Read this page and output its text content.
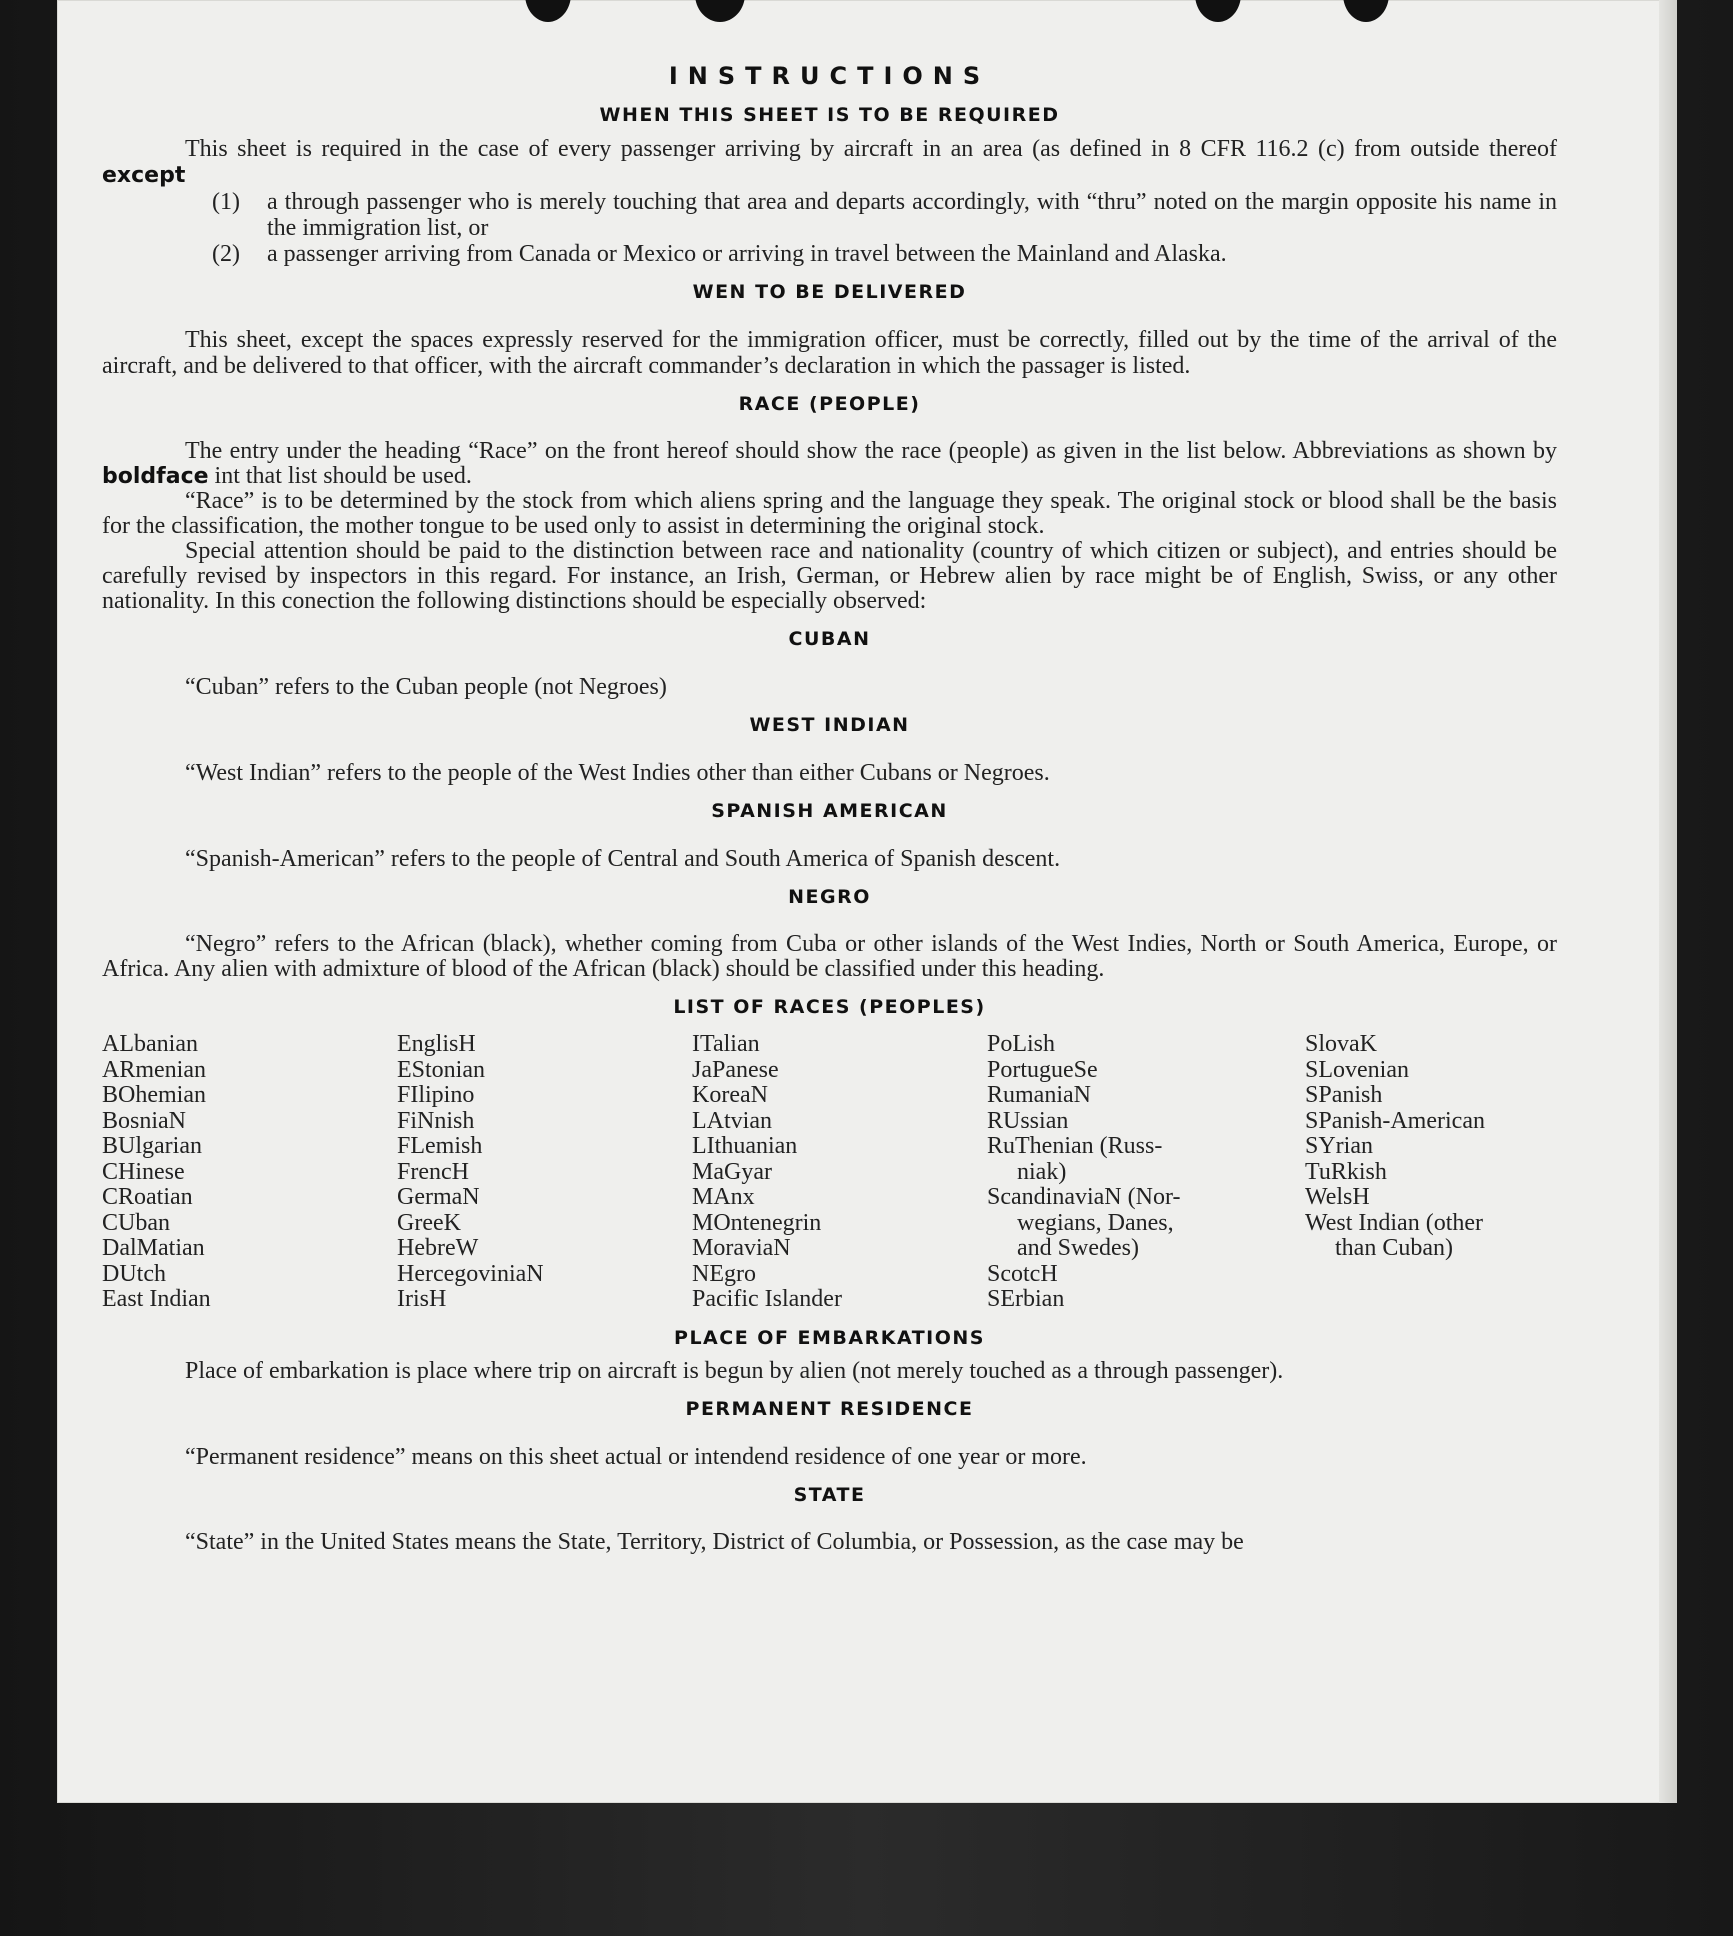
INSTRUCTIONS
WHEN THIS SHEET IS TO BE REQUIRED

This sheet is required in the case of every passenger arriving by aircraft in an area (as defined in 8 CFR 116.2 (c) from outside thereof except

(1) a through passenger who is merely touching that area and departs accordingly, with “thru” noted on the margin opposite his name in the immigration list, or
(2) a passenger arriving from Canada or Mexico or arriving in travel between the Mainland and Alaska.
WEN TO BE DELIVERED

This sheet, except the spaces expressly reserved for the immigration officer, must be correctly, filled out by the time of the arrival of the aircraft, and be delivered to that officer, with the aircraft commander’s declaration in which the passager is listed.

RACE (PEOPLE)

The entry under the heading “Race” on the front hereof should show the race (people) as given in the list below. Abbreviations as shown by boldface int that list should be used.

“Race” is to be determined by the stock from which aliens spring and the language they speak. The original stock or blood shall be the basis for the classification, the mother tongue to be used only to assist in determining the original stock.

Special attention should be paid to the distinction between race and nationality (country of which citizen or subject), and entries should be carefully revised by inspectors in this regard. For instance, an Irish, German, or Hebrew alien by race might be of English, Swiss, or any other nationality. In this conection the following distinctions should be especially observed:

CUBAN

“Cuban” refers to the Cuban people (not Negroes)

WEST INDIAN

“West Indian” refers to the people of the West Indies other than either Cubans or Negroes.

SPANISH AMERICAN

“Spanish-American” refers to the people of Central and South America of Spanish descent.

NEGRO

“Negro” refers to the African (black), whether coming from Cuba or other islands of the West Indies, North or South America, Europe, or Africa. Any alien with admixture of blood of the African (black) should be classified under this heading.

LIST OF RACES (PEOPLES)
ALbanian
ARmenian
BOhemian
BosniaN
BUlgarian
CHinese
CRoatian
CUban
DalMatian
DUtch
East Indian
EnglisH
EStonian
FIlipino
FiNnish
FLemish
FrencH
GermaN
GreeK
HebreW
HercegoviniaN
IrisH
ITalian
JaPanese
KoreaN
LAtvian
LIthuanian
MaGyar
MAnx
MOntenegrin
MoraviaN
NEgro
Pacific Islander
PoLish
PortugueSe
RumaniaN
RUssian
RuThenian (Russ-
niak)
ScandinaviaN (Nor-
wegians, Danes,
and Swedes)
ScotcH
SErbian
SlovaK
SLovenian
SPanish
SPanish-American
SYrian
TuRkish
WelsH
West Indian (other
than Cuban)
PLACE OF EMBARKATIONS

Place of embarkation is place where trip on aircraft is begun by alien (not merely touched as a through passenger).

PERMANENT RESIDENCE

“Permanent residence” means on this sheet actual or intendend residence of one year or more.

STATE

“State” in the United States means the State, Territory, District of Columbia, or Possession, as the case may be
